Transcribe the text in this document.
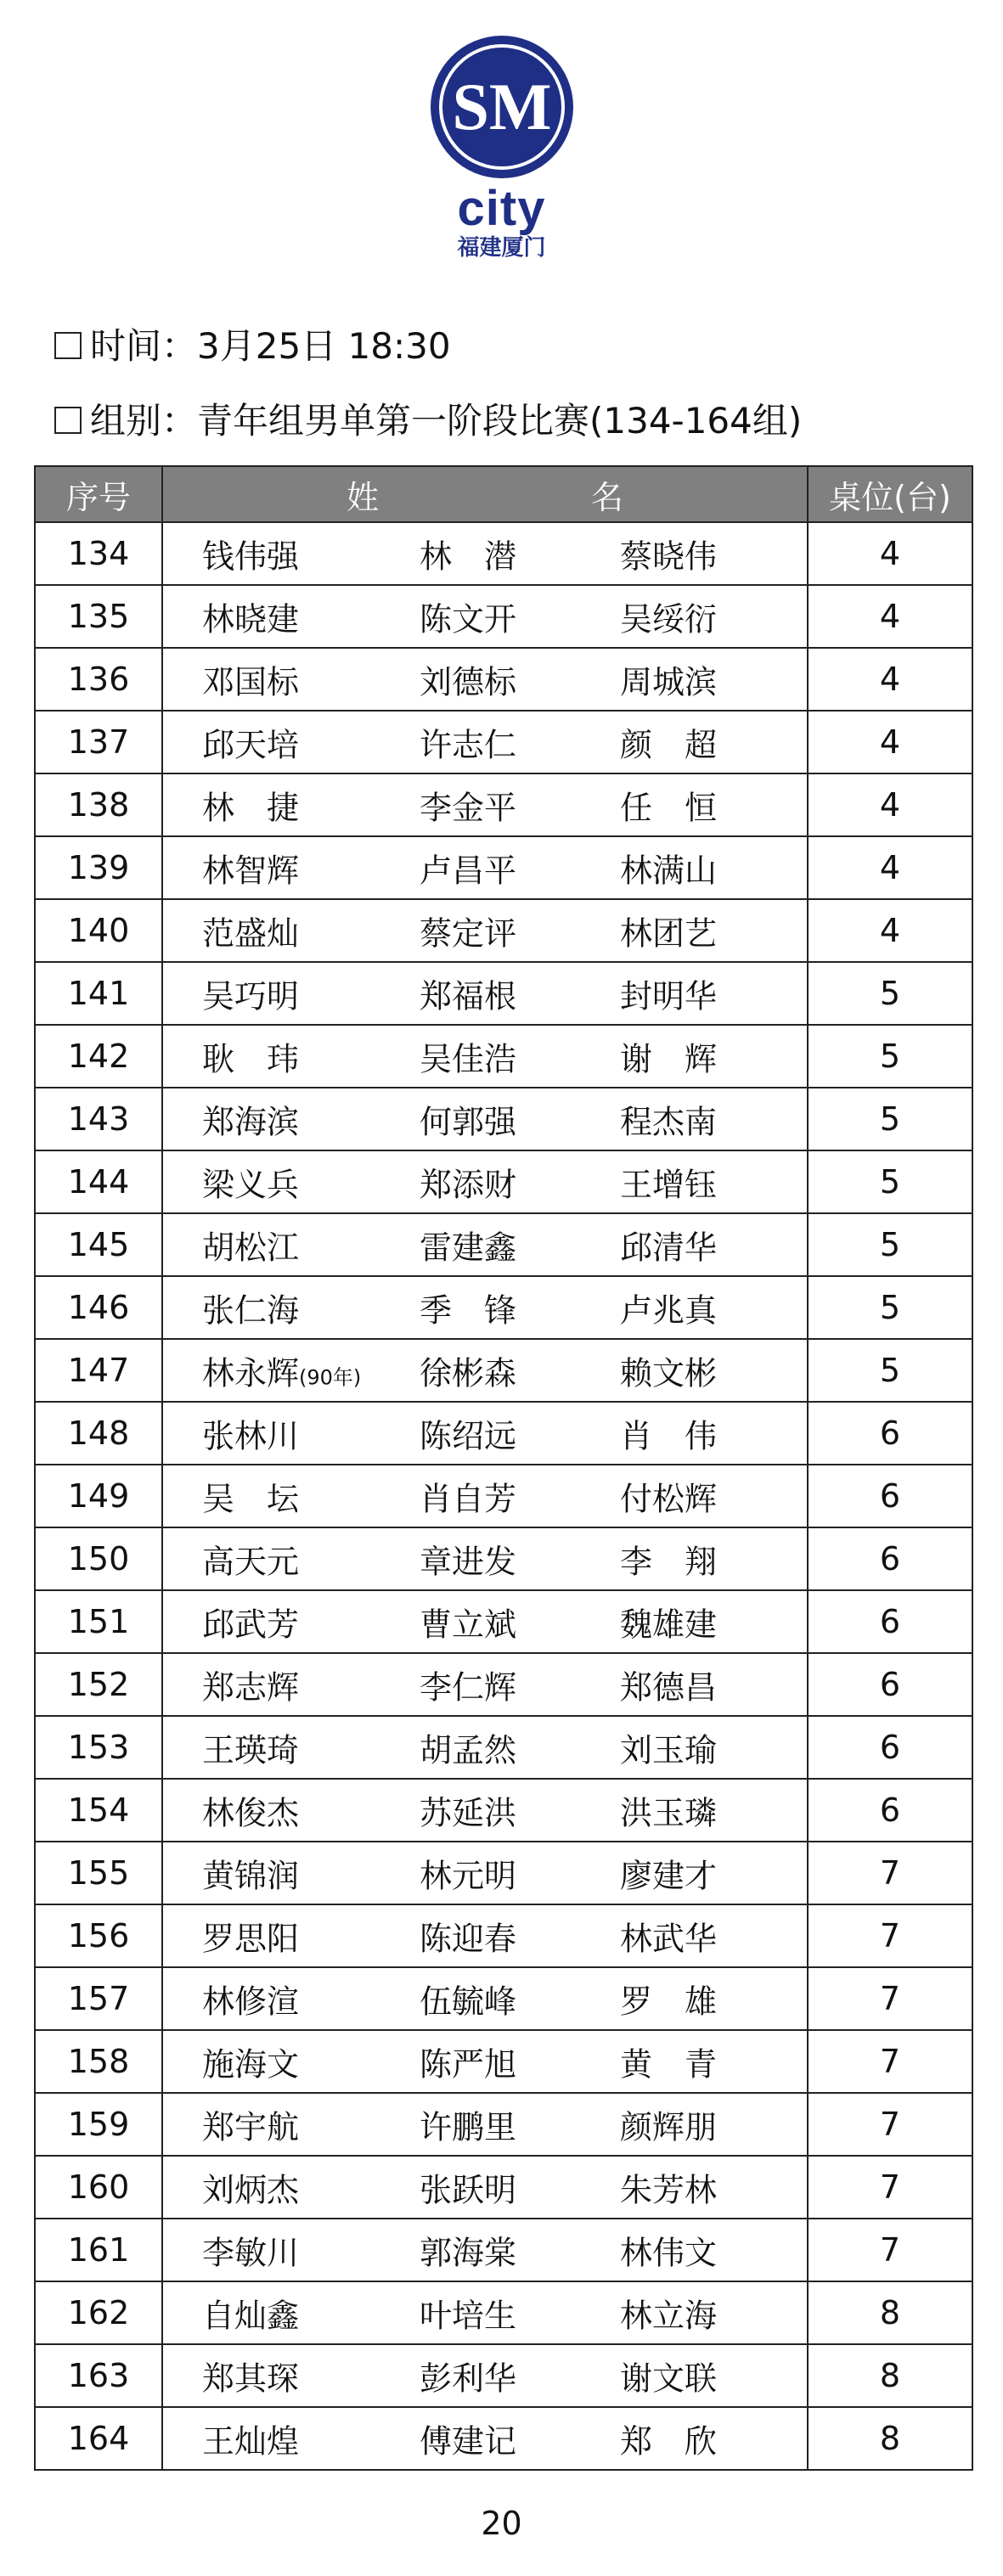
SM
city
福建厦门
时间：3月25日 18:30
组别：青年组男单第一阶段比赛(134-164组)
序号	姓 名	桌位(台)
134	钱伟强 林　潜 蔡晓伟	4
135	林晓建 陈文开 吴绥衍	4
136	邓国标 刘德标 周城滨	4
137	邱天培 许志仁 颜　超	4
138	林　捷 李金平 任　恒	4
139	林智辉 卢昌平 林满山	4
140	范盛灿 蔡定评 林团艺	4
141	吴巧明 郑福根 封明华	5
142	耿　玮 吴佳浩 谢　辉	5
143	郑海滨 何郭强 程杰南	5
144	梁义兵 郑添财 王增钰	5
145	胡松江 雷建鑫 邱清华	5
146	张仁海 季　锋 卢兆真	5
147	林永辉(90年) 徐彬森 赖文彬	5
148	张林川 陈绍远 肖　伟	6
149	吴　坛 肖自芳 付松辉	6
150	高天元 章进发 李　翔	6
151	邱武芳 曹立斌 魏雄建	6
152	郑志辉 李仁辉 郑德昌	6
153	王瑛琦 胡孟然 刘玉瑜	6
154	林俊杰 苏延洪 洪玉璘	6
155	黄锦润 林元明 廖建才	7
156	罗思阳 陈迎春 林武华	7
157	林修渲 伍毓峰 罗　雄	7
158	施海文 陈严旭 黄　青	7
159	郑宇航 许鹏里 颜辉朋	7
160	刘炳杰 张跃明 朱芳林	7
161	李敏川 郭海棠 林伟文	7
162	自灿鑫 叶培生 林立海	8
163	郑其琛 彭利华 谢文联	8
164	王灿煌 傅建记 郑　欣	8
20
